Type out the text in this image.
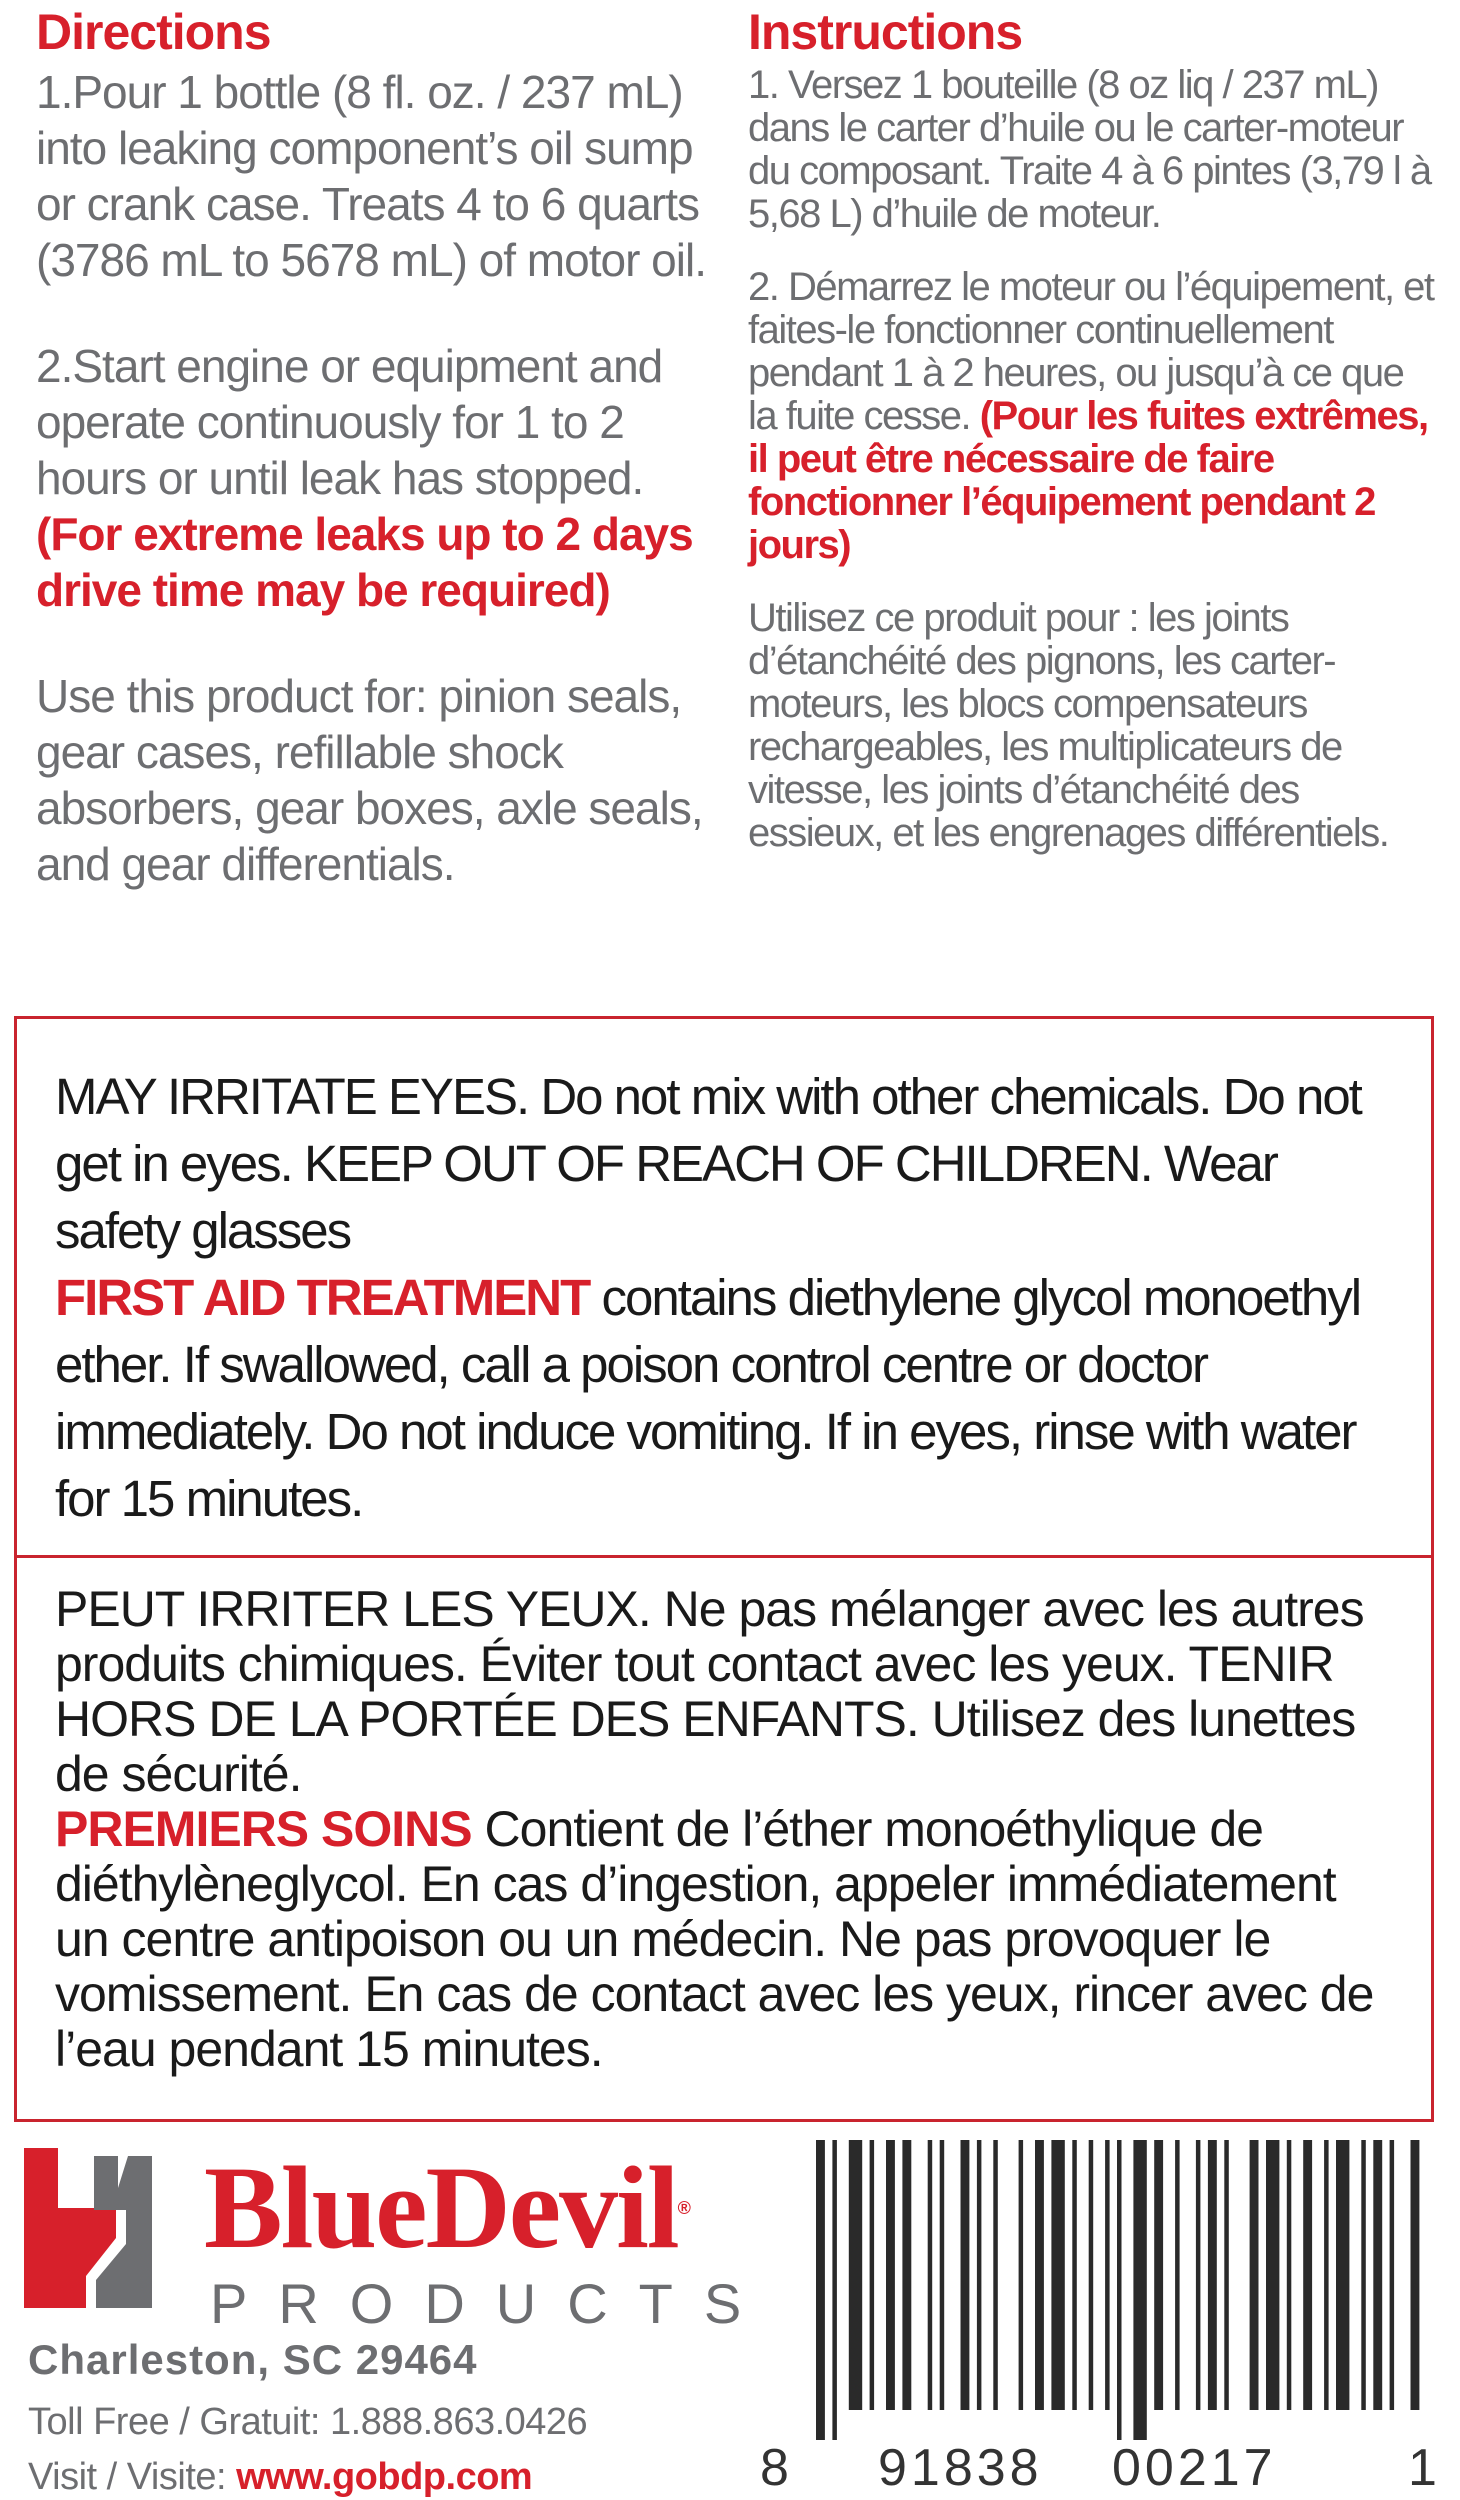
Directions

1.Pour 1 bottle (8 fl. oz. / 237 mL) into leaking component’s oil sump or crank case. Treats 4 to 6 quarts (3786 mL to 5678 mL) of motor oil.

2.Start engine or equipment and operate continuously for 1 to 2 hours or until leak has stopped. (For extreme leaks up to 2 days drive time may be required)

Use this product for: pinion seals, gear cases, refillable shock absorbers, gear boxes, axle seals, and gear differentials.

Instructions

1. Versez 1 bouteille (8 oz liq / 237 mL) dans le carter d’huile ou le carter-moteur du composant. Traite 4 à 6 pintes (3,79 l à 5,68 L) d’huile de moteur.

2. Démarrez le moteur ou l’équipement, et faites-le fonctionner continuellement pendant 1 à 2 heures, ou jusqu’à ce que la fuite cesse. (Pour les fuites extrêmes, il peut être nécessaire de faire fonctionner l’équipement pendant 2 jours)

Utilisez ce produit pour : les joints d’étanchéité des pignons, les carter-moteurs, les blocs compensateurs rechargeables, les multiplicateurs de vitesse, les joints d’étanchéité des essieux, et les engrenages différentiels.

MAY IRRITATE EYES. Do not mix with other chemicals. Do not get in eyes. KEEP OUT OF REACH OF CHILDREN. Wear safety glasses
FIRST AID TREATMENT contains diethylene glycol monoethyl ether. If swallowed, call a poison control centre or doctor immediately. Do not induce vomiting. If in eyes, rinse with water for 15 minutes.
PEUT IRRITER LES YEUX. Ne pas mélanger avec les autres produits chimiques. Éviter tout contact avec les yeux. TENIR HORS DE LA PORTÉE DES ENFANTS. Utilisez des lunettes de sécurité.
PREMIERS SOINS Contient de l’éther monoéthylique de diéthylèneglycol. En cas d’ingestion, appeler immédiatement un centre antipoison ou un médecin. Ne pas provoquer le vomissement. En cas de contact avec les yeux, rincer avec de l’eau pendant 15 minutes.
BlueDevil®
PRODUCTS
Charleston, SC 29464
Toll Free / Gratuit: 1.888.863.0426
Visit / Visite: www.gobdp.com	8 91838 00217	1
